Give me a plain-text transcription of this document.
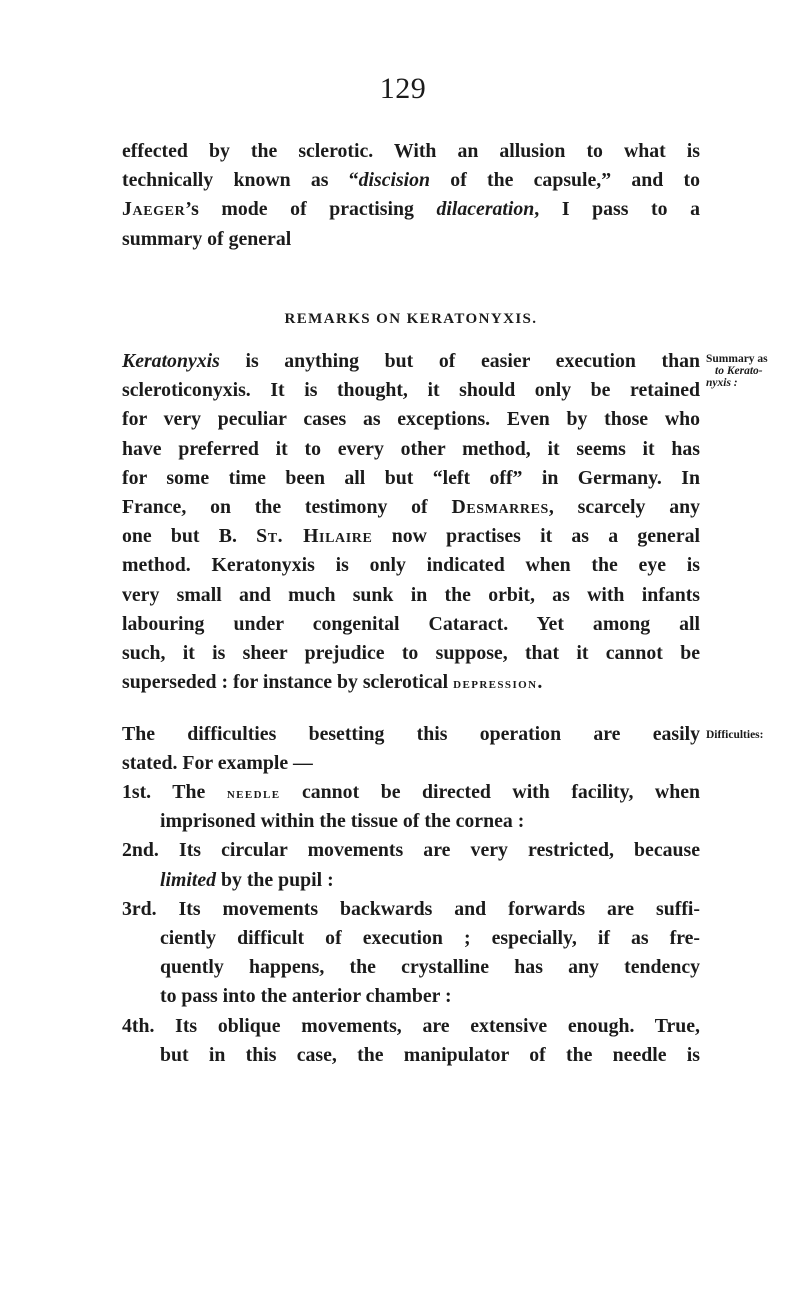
129
effected by the sclerotic. With an allusion to what is
technically known as “discision of the capsule,” and to
Jaeger’s mode of practising dilaceration, I pass to a
summary of general
REMARKS ON KERATONYXIS.
Keratonyxis is anything but of easier execution than
scleroticonyxis. It is thought, it should only be retained
for very peculiar cases as exceptions. Even by those who
have preferred it to every other method, it seems it has
for some time been all but “left off” in Germany. In
France, on the testimony of Desmarres, scarcely any
one but B. St. Hilaire now practises it as a general
method. Keratonyxis is only indicated when the eye is
very small and much sunk in the orbit, as with infants
labouring under congenital Cataract. Yet among all
such, it is sheer prejudice to suppose, that it cannot be
superseded : for instance by sclerotical depression.
Summary as
to Kerato-
nyxis :
The difficulties besetting this operation are easily
stated. For example —
Difficulties:
1st. The needle cannot be directed with facility, when
imprisoned within the tissue of the cornea :
2nd. Its circular movements are very restricted, because
limited by the pupil :
3rd. Its movements backwards and forwards are suffi-
ciently difficult of execution ; especially, if as fre-
quently happens, the crystalline has any tendency
to pass into the anterior chamber :
4th. Its oblique movements, are extensive enough. True,
but in this case, the manipulator of the needle is
